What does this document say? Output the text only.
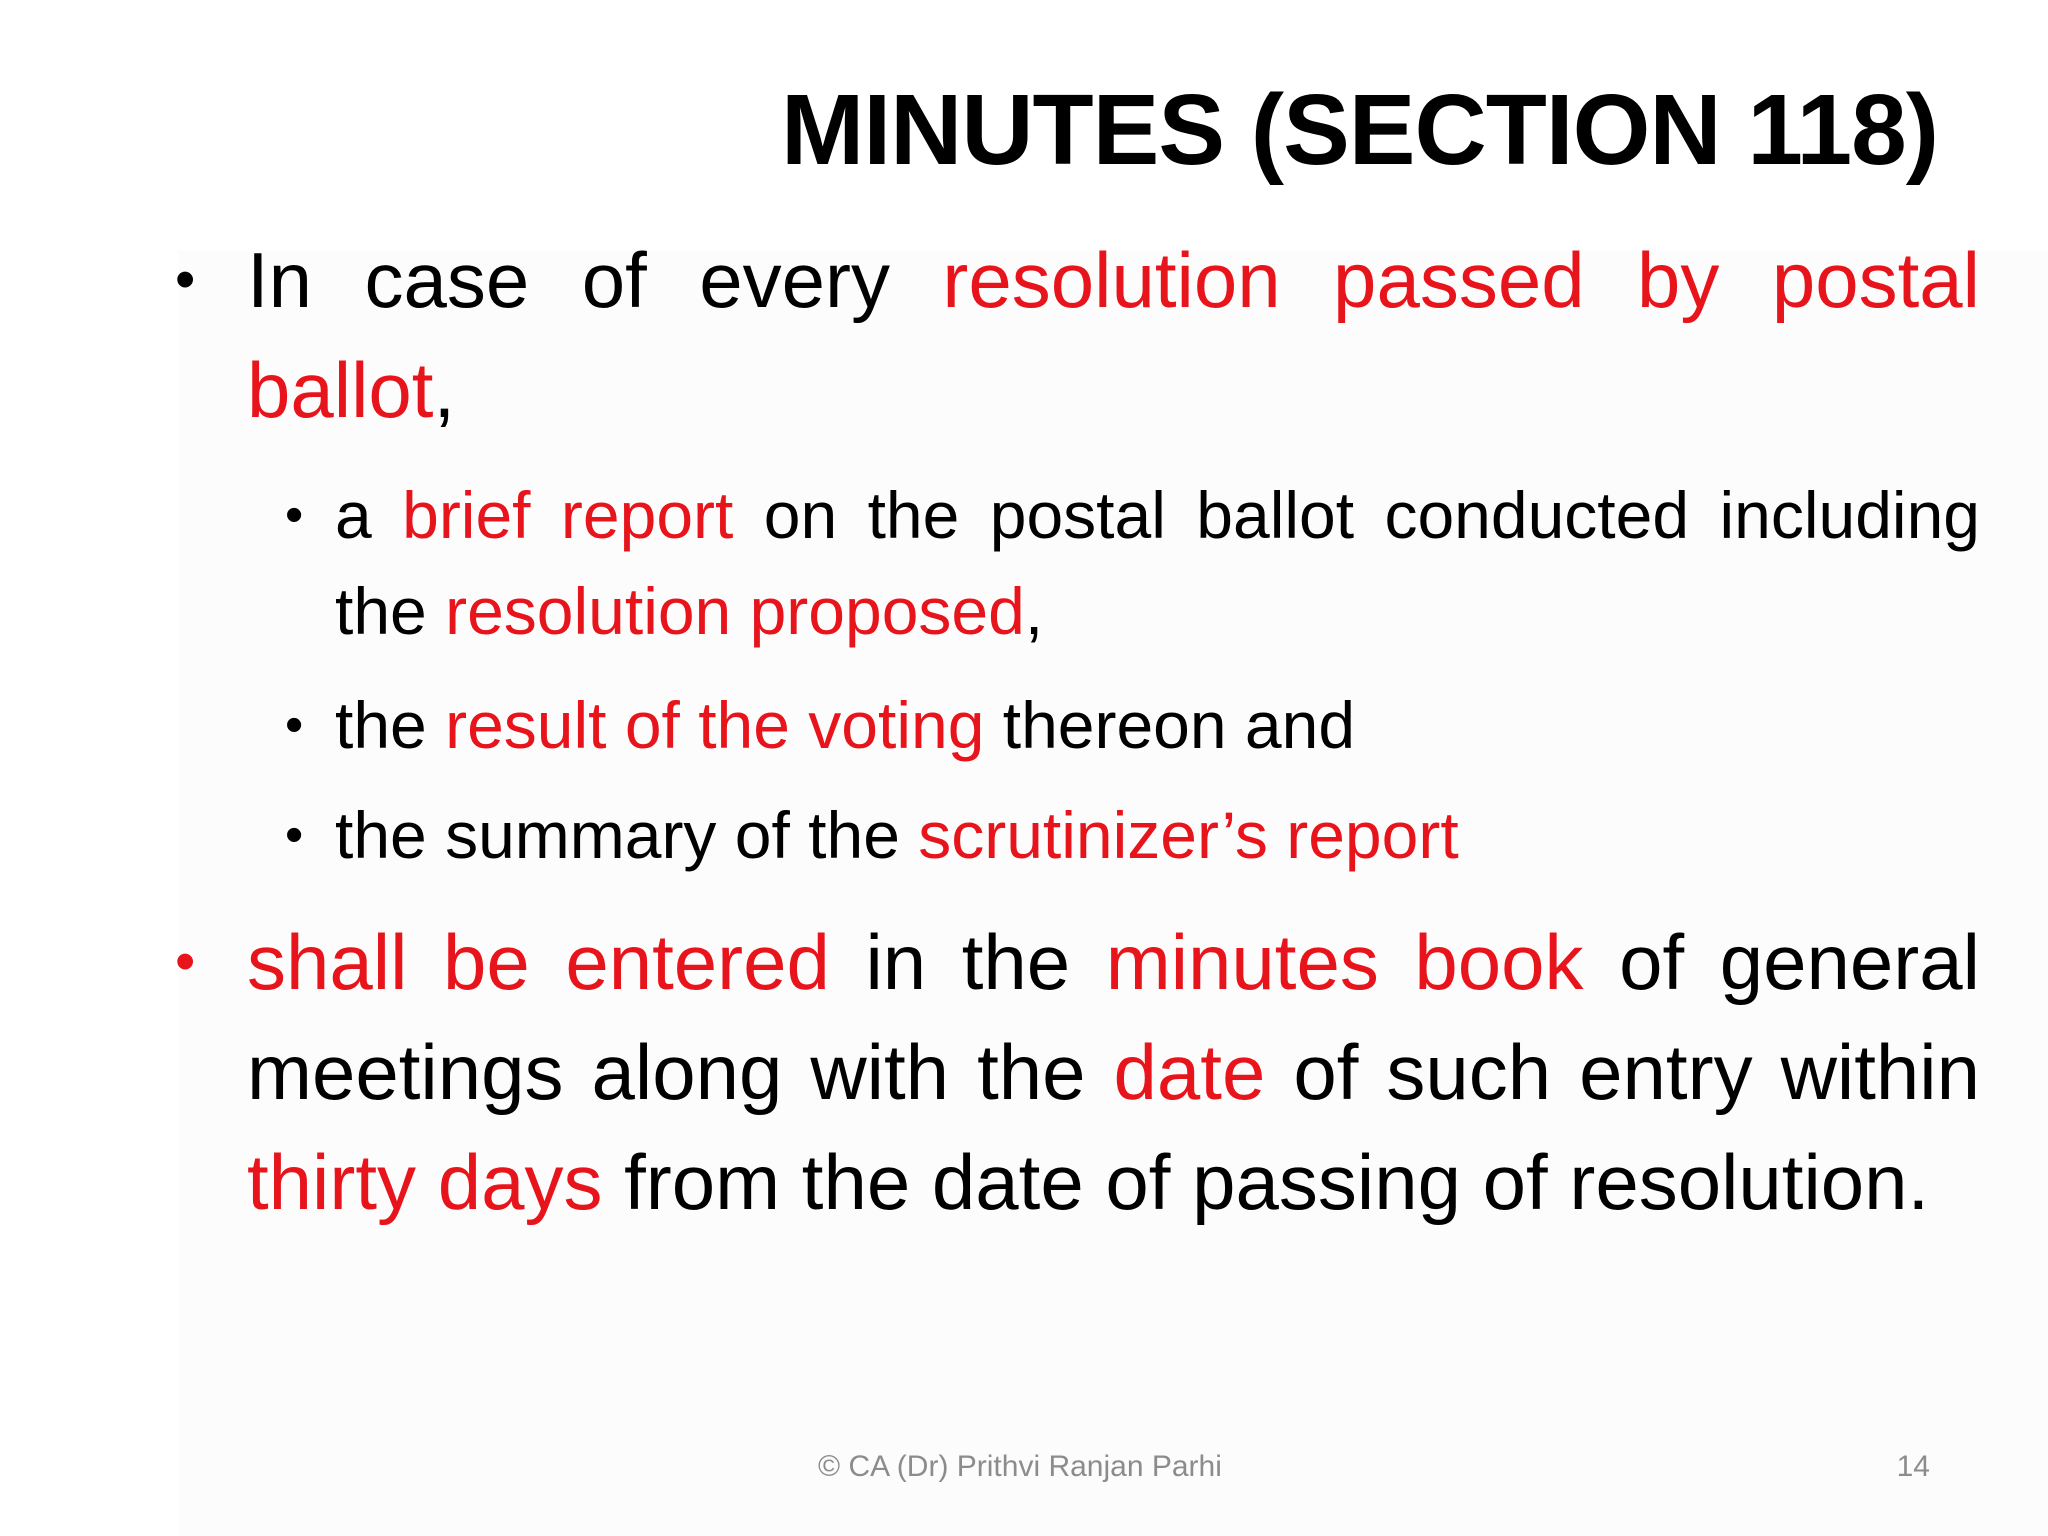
MINUTES (SECTION 118)
• In case of every resolution passed by postal ballot,
• a brief report on the postal ballot conducted including the resolution proposed,
• the result of the voting thereon and
• the summary of the scrutinizer’s report
• shall be entered in the minutes book of general meetings along with the date of such entry within thirty days from the date of passing of resolution.
© CA (Dr) Prithvi Ranjan Parhi	14
